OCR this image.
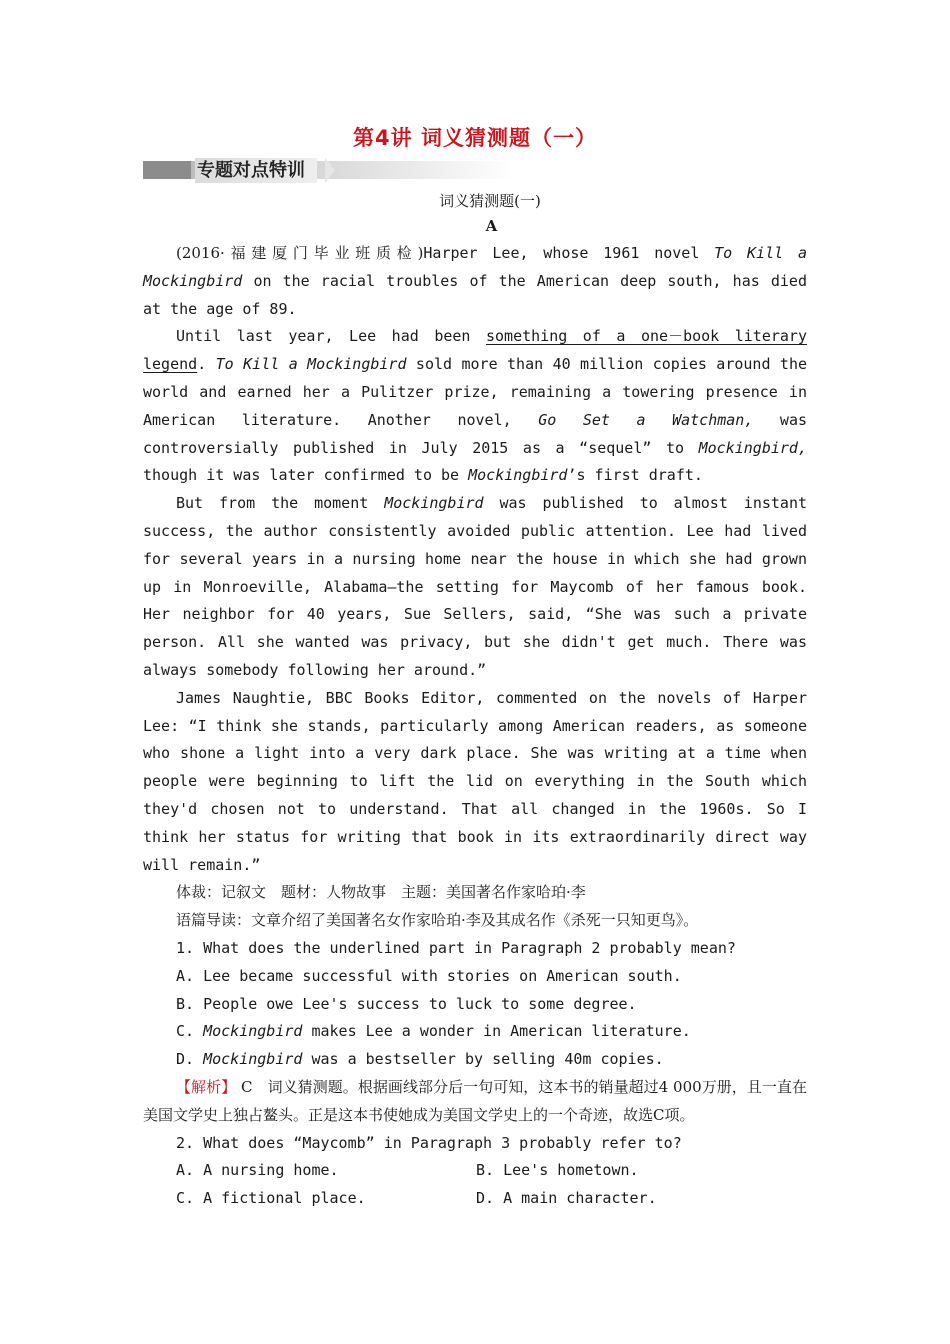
第4讲 词义猜测题（一）
专题对点特训
词义猜测题(一)
A

(2016·福建厦门毕业班质检)Harper Lee, whose 1961 novel To Kill a Mockingbird on the racial troubles of the American deep south, has died at the age of 89.

Until last year, Lee had been something of a one－book literary legend. To Kill a Mockingbird sold more than 40 million copies around the world and earned her a Pulitzer prize, remaining a towering presence in American literature. Another novel, Go Set a Watchman, was controversially published in July 2015 as a “sequel” to Mockingbird, though it was later confirmed to be Mockingbird’s first draft.

But from the moment Mockingbird was published to almost instant success, the author consistently avoided public attention. Lee had lived for several years in a nursing home near the house in which she had grown up in Monroeville, Alabama—the setting for Maycomb of her famous book. Her neighbor for 40 years, Sue Sellers, said, “She was such a private person. All she wanted was privacy, but she didn't get much. There was always somebody following her around.”

James Naughtie, BBC Books Editor, commented on the novels of Harper Lee: “I think she stands, particularly among American readers, as someone who shone a light into a very dark place. She was writing at a time when people were beginning to lift the lid on everything in the South which they'd chosen not to understand. That all changed in the 1960s. So I think her status for writing that book in its extraordinarily direct way will remain.”

体裁：记叙文　题材：人物故事　主题：美国著名作家哈珀·李

语篇导读：文章介绍了美国著名女作家哈珀·李及其成名作《杀死一只知更鸟》。

1. What does the underlined part in Paragraph 2 probably mean?

A. Lee became successful with stories on American south.

B. People owe Lee's success to luck to some degree.

C. Mockingbird makes Lee a wonder in American literature.

D. Mockingbird was a bestseller by selling 40m copies.

【解析】 C　词义猜测题。根据画线部分后一句可知，这本书的销量超过4 000万册，且一直在美国文学史上独占鳌头。正是这本书使她成为美国文学史上的一个奇迹，故选C项。

2. What does “Maycomb” in Paragraph 3 probably refer to?

A. A nursing home.	B. Lee's hometown.
C. A fictional place.	D. A main character.
